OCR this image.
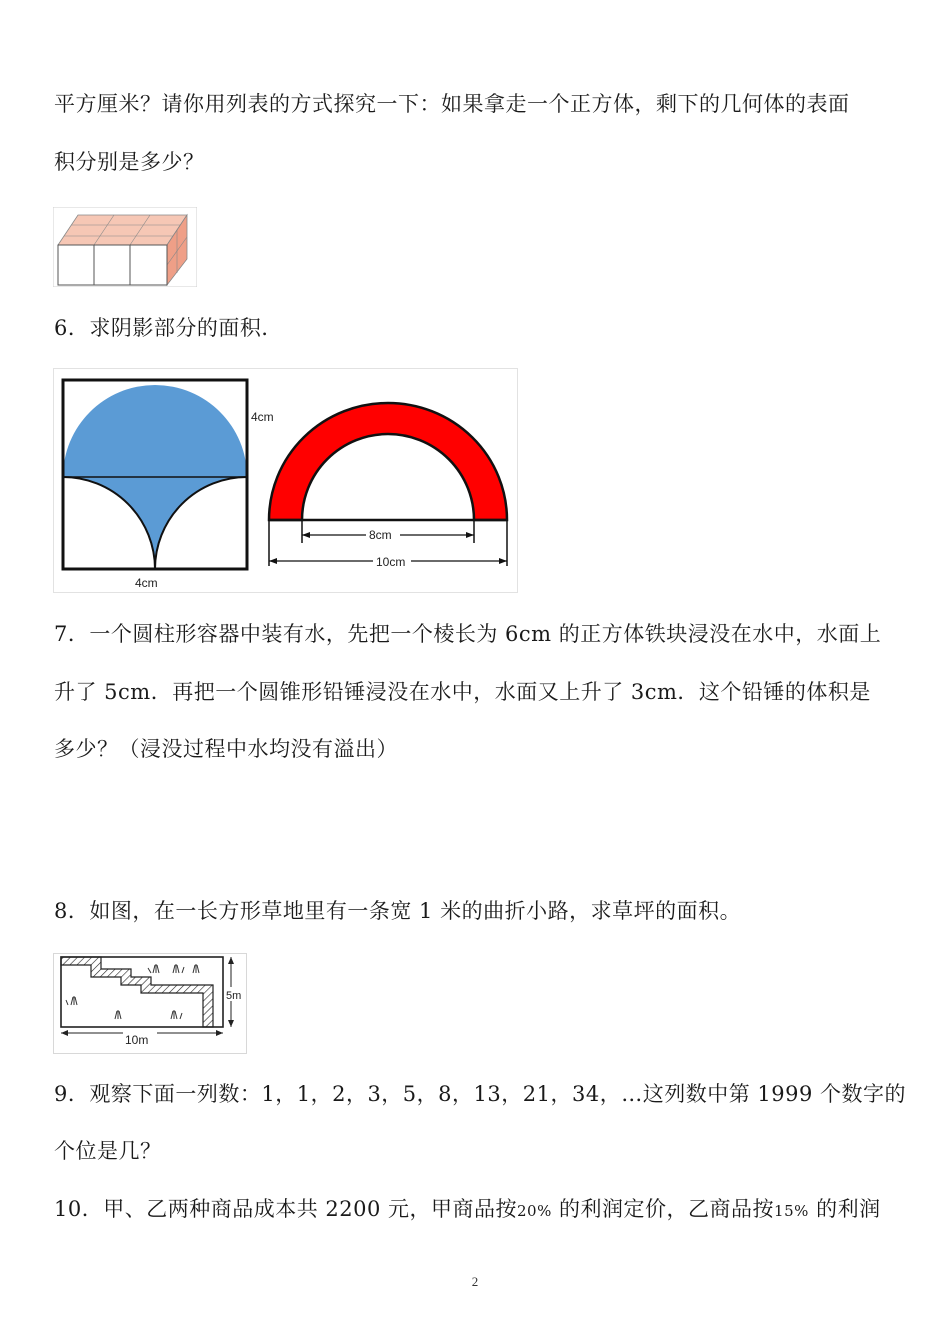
平方厘米？请你用列表的方式探究一下：如果拿走一个正方体，剩下的几何体的表面
积分别是多少？
6．求阴影部分的面积．
4cm
4cm
8cm
10cm
7．一个圆柱形容器中装有水，先把一个棱长为 6cm 的正方体铁块浸没在水中，水面上
升了 5cm．再把一个圆锥形铅锤浸没在水中，水面又上升了 3cm．这个铅锤的体积是
多少？（浸没过程中水均没有溢出）
8．如图，在一长方形草地里有一条宽 1 米的曲折小路，求草坪的面积。
10m
5m
9．观察下面一列数：1，1，2，3，5，8，13，21，34，…这列数中第 1999 个数字的
个位是几？
10．甲、乙两种商品成本共 2200 元，甲商品按20% 的利润定价，乙商品按15% 的利润
2
